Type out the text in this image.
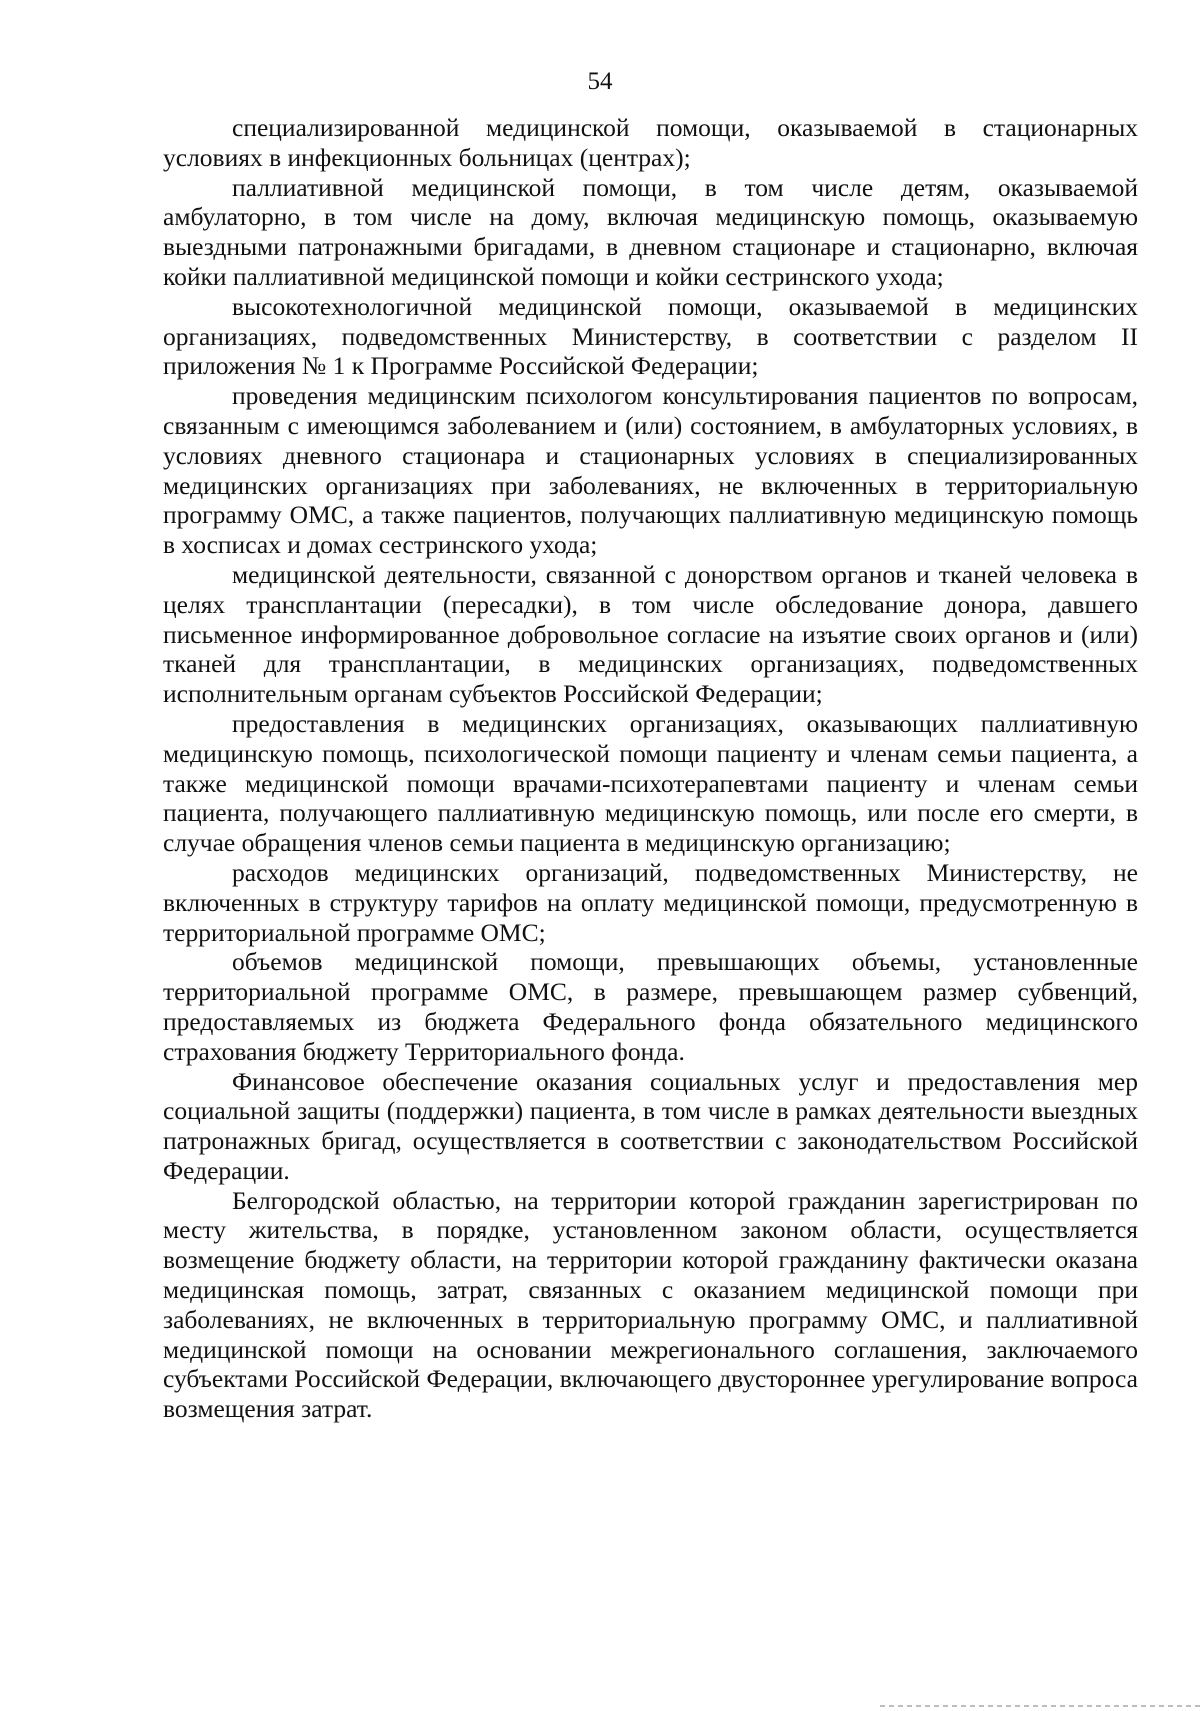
54

специализированной медицинской помощи, оказываемой в стационарных условиях в инфекционных больницах (центрах);

паллиативной медицинской помощи, в том числе детям, оказываемой амбулаторно, в том числе на дому, включая медицинскую помощь, оказываемую выездными патронажными бригадами, в дневном стационаре и стационарно, включая койки паллиативной медицинской помощи и койки сестринского ухода;

высокотехнологичной медицинской помощи, оказываемой в медицинских организациях, подведомственных Министерству, в соответствии с разделом II приложения № 1 к Программе Российской Федерации;

проведения медицинским психологом консультирования пациентов по вопросам, связанным с имеющимся заболеванием и (или) состоянием, в амбулаторных условиях, в условиях дневного стационара и стационарных условиях в специализированных медицинских организациях при заболеваниях, не включенных в территориальную программу ОМС, а также пациентов, получающих паллиативную медицинскую помощь в хосписах и домах сестринского ухода;

медицинской деятельности, связанной с донорством органов и тканей человека в целях трансплантации (пересадки), в том числе обследование донора, давшего письменное информированное добровольное согласие на изъятие своих органов и (или) тканей для трансплантации, в медицинских организациях, подведомственных исполнительным органам субъектов Российской Федерации;

предоставления в медицинских организациях, оказывающих паллиативную медицинскую помощь, психологической помощи пациенту и членам семьи пациента, а также медицинской помощи врачами-психотерапевтами пациенту и членам семьи пациента, получающего паллиативную медицинскую помощь, или после его смерти, в случае обращения членов семьи пациента в медицинскую организацию;

расходов медицинских организаций, подведомственных Министерству, не включенных в структуру тарифов на оплату медицинской помощи, предусмотренную в территориальной программе ОМС;

объемов медицинской помощи, превышающих объемы, установленные территориальной программе ОМС, в размере, превышающем размер субвенций, предоставляемых из бюджета Федерального фонда обязательного медицинского страхования бюджету Территориального фонда.

Финансовое обеспечение оказания социальных услуг и предоставления мер социальной защиты (поддержки) пациента, в том числе в рамках деятельности выездных патронажных бригад, осуществляется в соответствии с законодательством Российской Федерации.

Белгородской областью, на территории которой гражданин зарегистрирован по месту жительства, в порядке, установленном законом области, осуществляется возмещение бюджету области, на территории которой гражданину фактически оказана медицинская помощь, затрат, связанных с оказанием медицинской помощи при заболеваниях, не включенных в территориальную программу ОМС, и паллиативной медицинской помощи на основании межрегионального соглашения, заключаемого субъектами Российской Федерации, включающего двустороннее урегулирование вопроса возмещения затрат.
